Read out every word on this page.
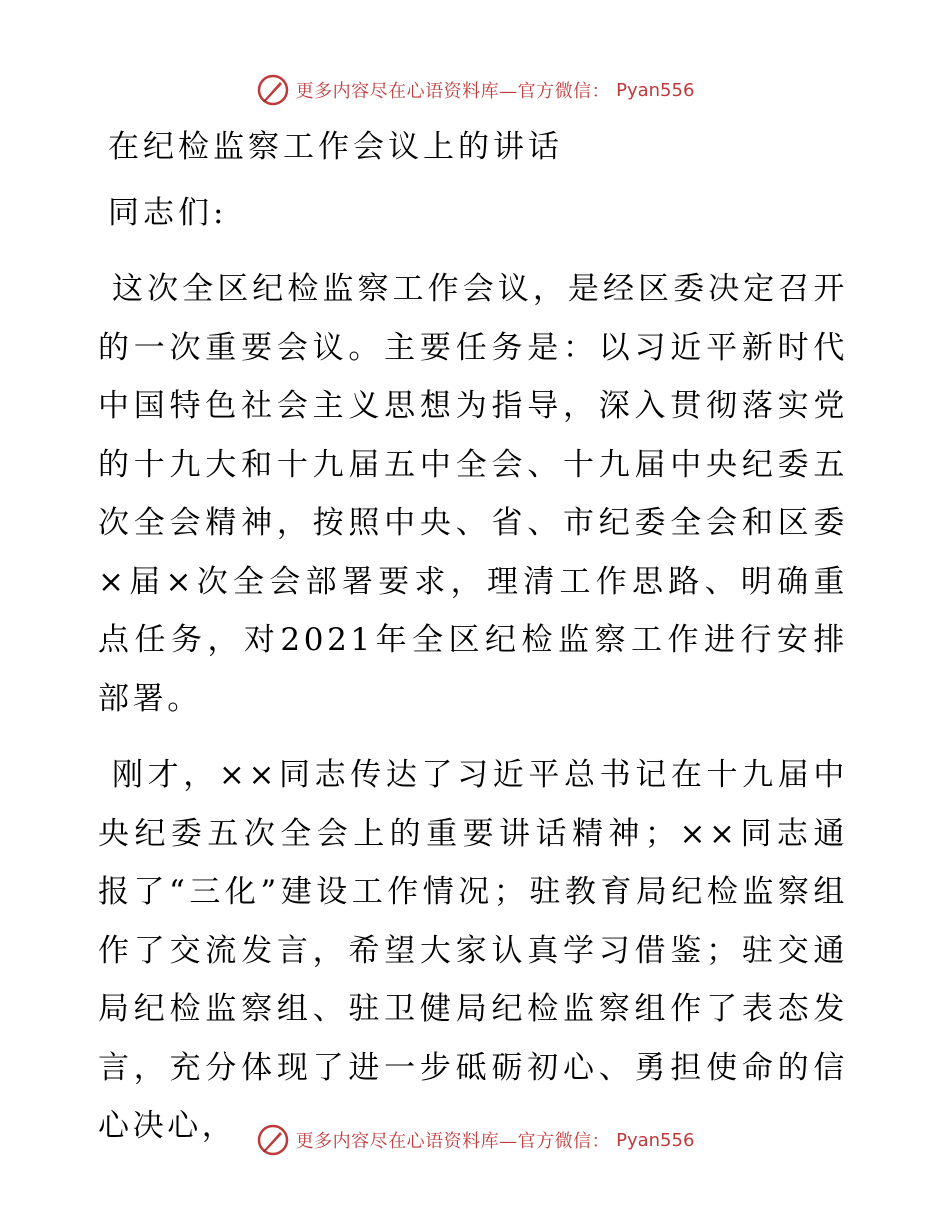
更多内容尽在心语资料库—官方微信： Pyan556
在纪检监察工作会议上的讲话
同志们:

这次全区纪检监察工作会议，是经区委决定召开的一次重要会议。主要任务是：以习近平新时代中国特色社会主义思想为指导，深入贯彻落实党的十九大和十九届五中全会、十九届中央纪委五次全会精神，按照中央、省、市纪委全会和区委×届×次全会部署要求，理清工作思路、明确重点任务，对2021年全区纪检监察工作进行安排部署。

刚才，××同志传达了习近平总书记在十九届中央纪委五次全会上的重要讲话精神；××同志通报了“三化”建设工作情况；驻教育局纪检监察组作了交流发言，希望大家认真学习借鉴；驻交通局纪检监察组、驻卫健局纪检监察组作了表态发言，充分体现了进一步砥砺初心、勇担使命的信心决心，	更多内容尽在心语资料库—官方微信： Pyan556
